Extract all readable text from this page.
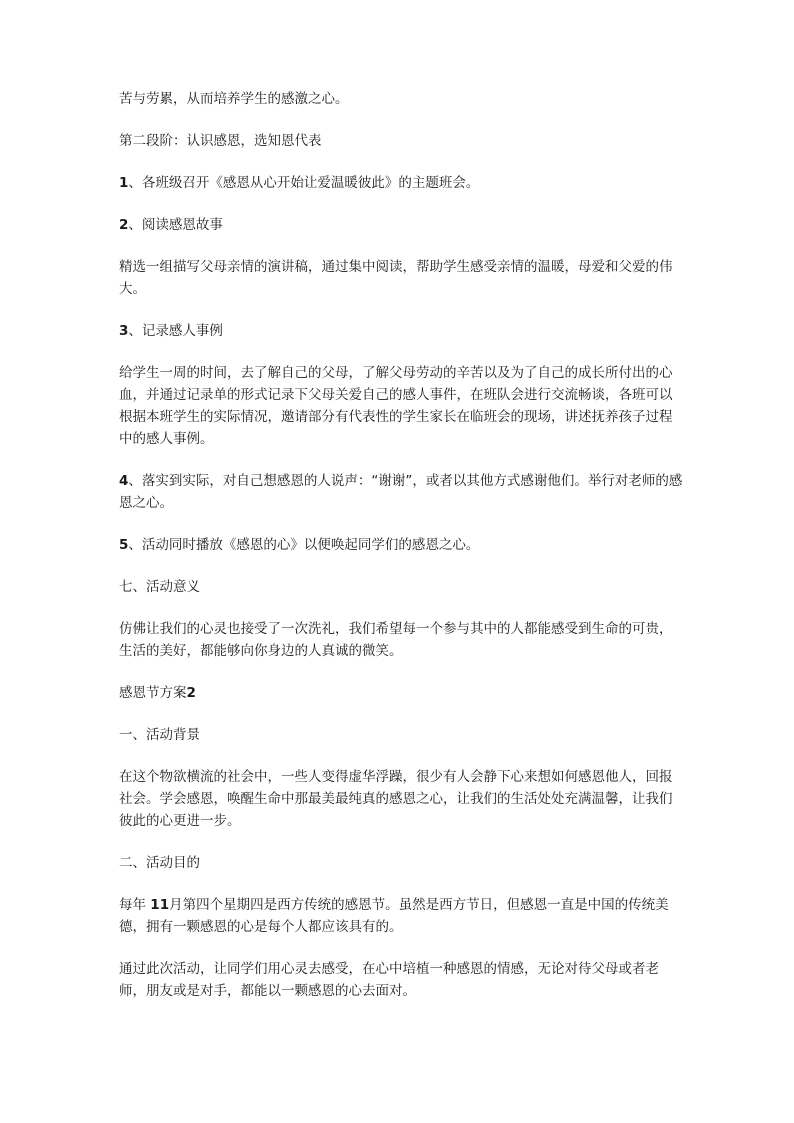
苦与劳累，从而培养学生的感激之心。

第二段阶：认识感恩，选知恩代表

1、各班级召开《感恩从心开始让爱温暖彼此》的主题班会。

2、阅读感恩故事

精选一组描写父母亲情的演讲稿，通过集中阅读，帮助学生感受亲情的温暖，母爱和父爱的伟大。

3、记录感人事例

给学生一周的时间，去了解自己的父母，了解父母劳动的辛苦以及为了自己的成长所付出的心血，并通过记录单的形式记录下父母关爱自己的感人事件，在班队会进行交流畅谈，各班可以根据本班学生的实际情况，邀请部分有代表性的学生家长在临班会的现场，讲述抚养孩子过程中的感人事例。

4、落实到实际，对自己想感恩的人说声：“谢谢”，或者以其他方式感谢他们。举行对老师的感恩之心。

5、活动同时播放《感恩的心》以便唤起同学们的感恩之心。

七、活动意义

仿佛让我们的心灵也接受了一次洗礼，我们希望每一个参与其中的人都能感受到生命的可贵，生活的美好，都能够向你身边的人真诚的微笑。

感恩节方案2

一、活动背景

在这个物欲横流的社会中，一些人变得虚华浮躁，很少有人会静下心来想如何感恩他人，回报社会。学会感恩，唤醒生命中那最美最纯真的感恩之心，让我们的生活处处充满温馨，让我们彼此的心更进一步。

二、活动目的

每年 11月第四个星期四是西方传统的感恩节。虽然是西方节日，但感恩一直是中国的传统美德，拥有一颗感恩的心是每个人都应该具有的。

通过此次活动，让同学们用心灵去感受，在心中培植一种感恩的情感，无论对待父母或者老师，朋友或是对手，都能以一颗感恩的心去面对。
